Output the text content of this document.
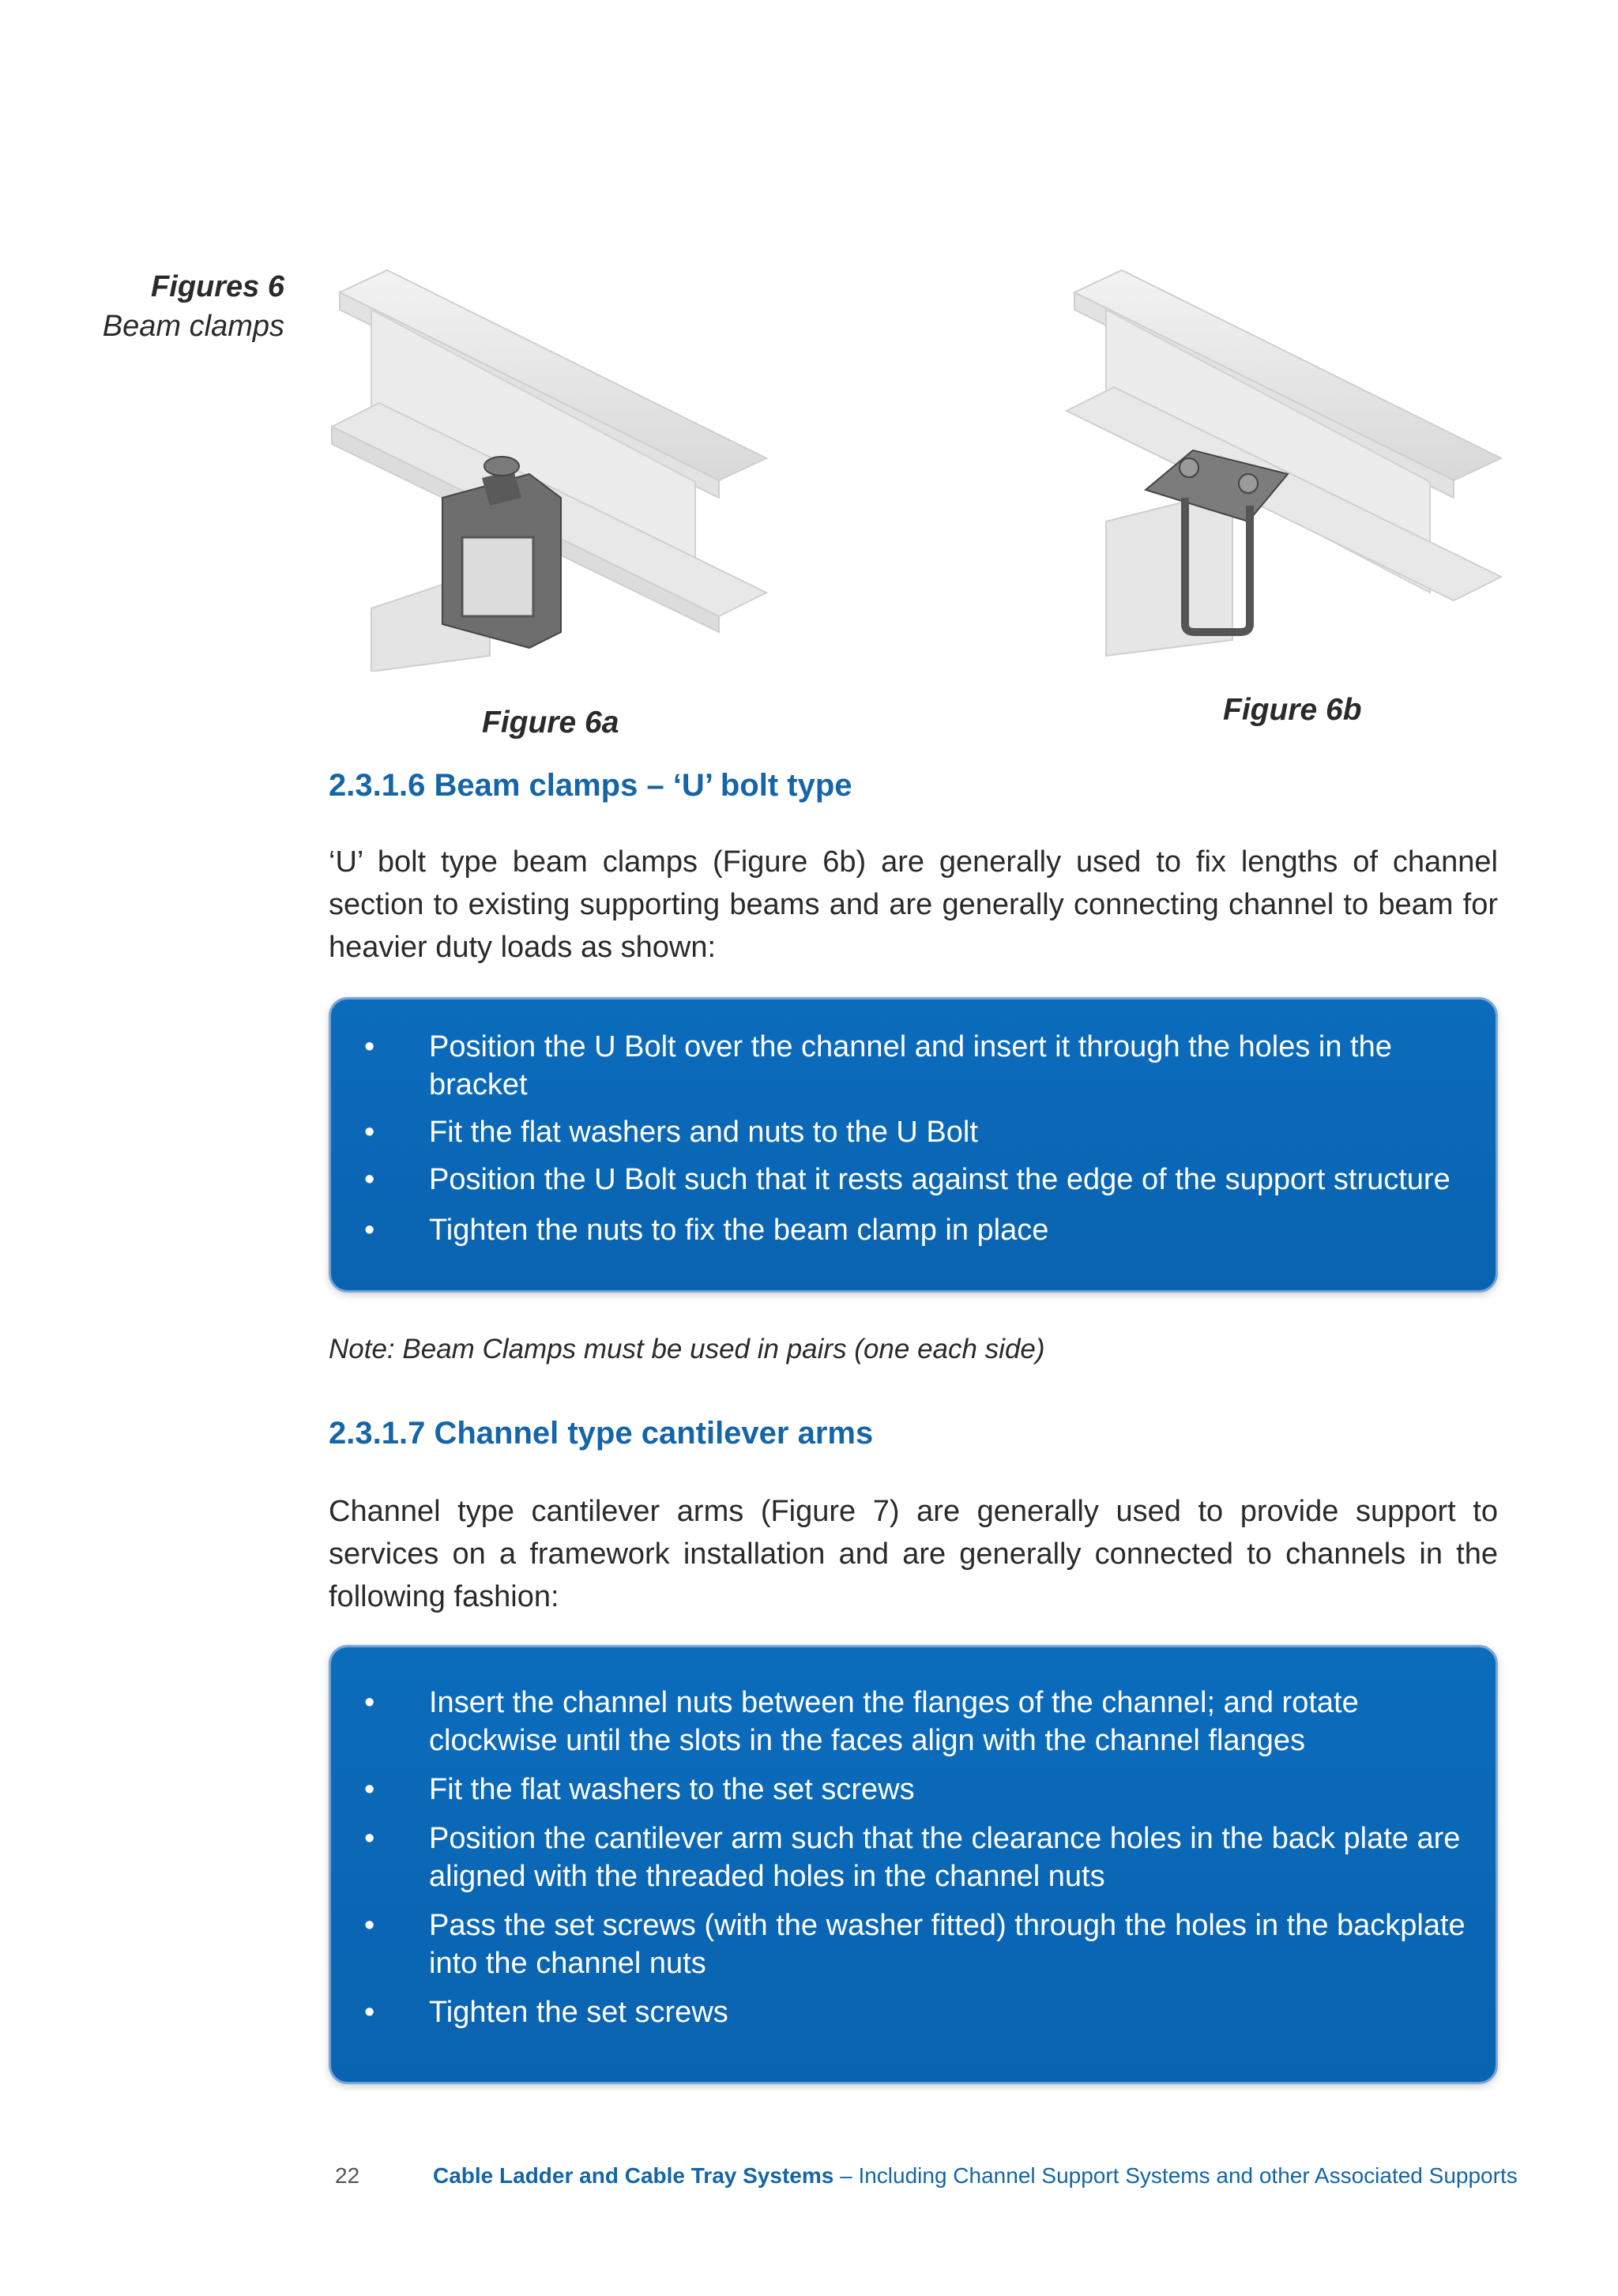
Figures 6
Beam clamps
Figure 6a	Figure 6b
2.3.1.6 Beam clamps – ‘U’ bolt type
‘U’ bolt type beam clamps (Figure 6b) are generally used to fix lengths of channel section to existing supporting beams and are generally connecting channel to beam for heavier duty loads as shown:
• Position the U Bolt over the channel and insert it through the holes in the bracket
• Fit the flat washers and nuts to the U Bolt
• Position the U Bolt such that it rests against the edge of the support structure
• Tighten the nuts to fix the beam clamp in place
Note: Beam Clamps must be used in pairs (one each side)
2.3.1.7 Channel type cantilever arms
Channel type cantilever arms (Figure 7) are generally used to provide support to services on a framework installation and are generally connected to channels in the following fashion:
• Insert the channel nuts between the flanges of the channel; and rotate clockwise until the slots in the faces align with the channel flanges
• Fit the flat washers to the set screws
• Position the cantilever arm such that the clearance holes in the back plate are aligned with the threaded holes in the channel nuts
• Pass the set screws (with the washer fitted) through the holes in the backplate into the channel nuts
• Tighten the set screws
22	Cable Ladder and Cable Tray Systems – Including Channel Support Systems and other Associated Supports
